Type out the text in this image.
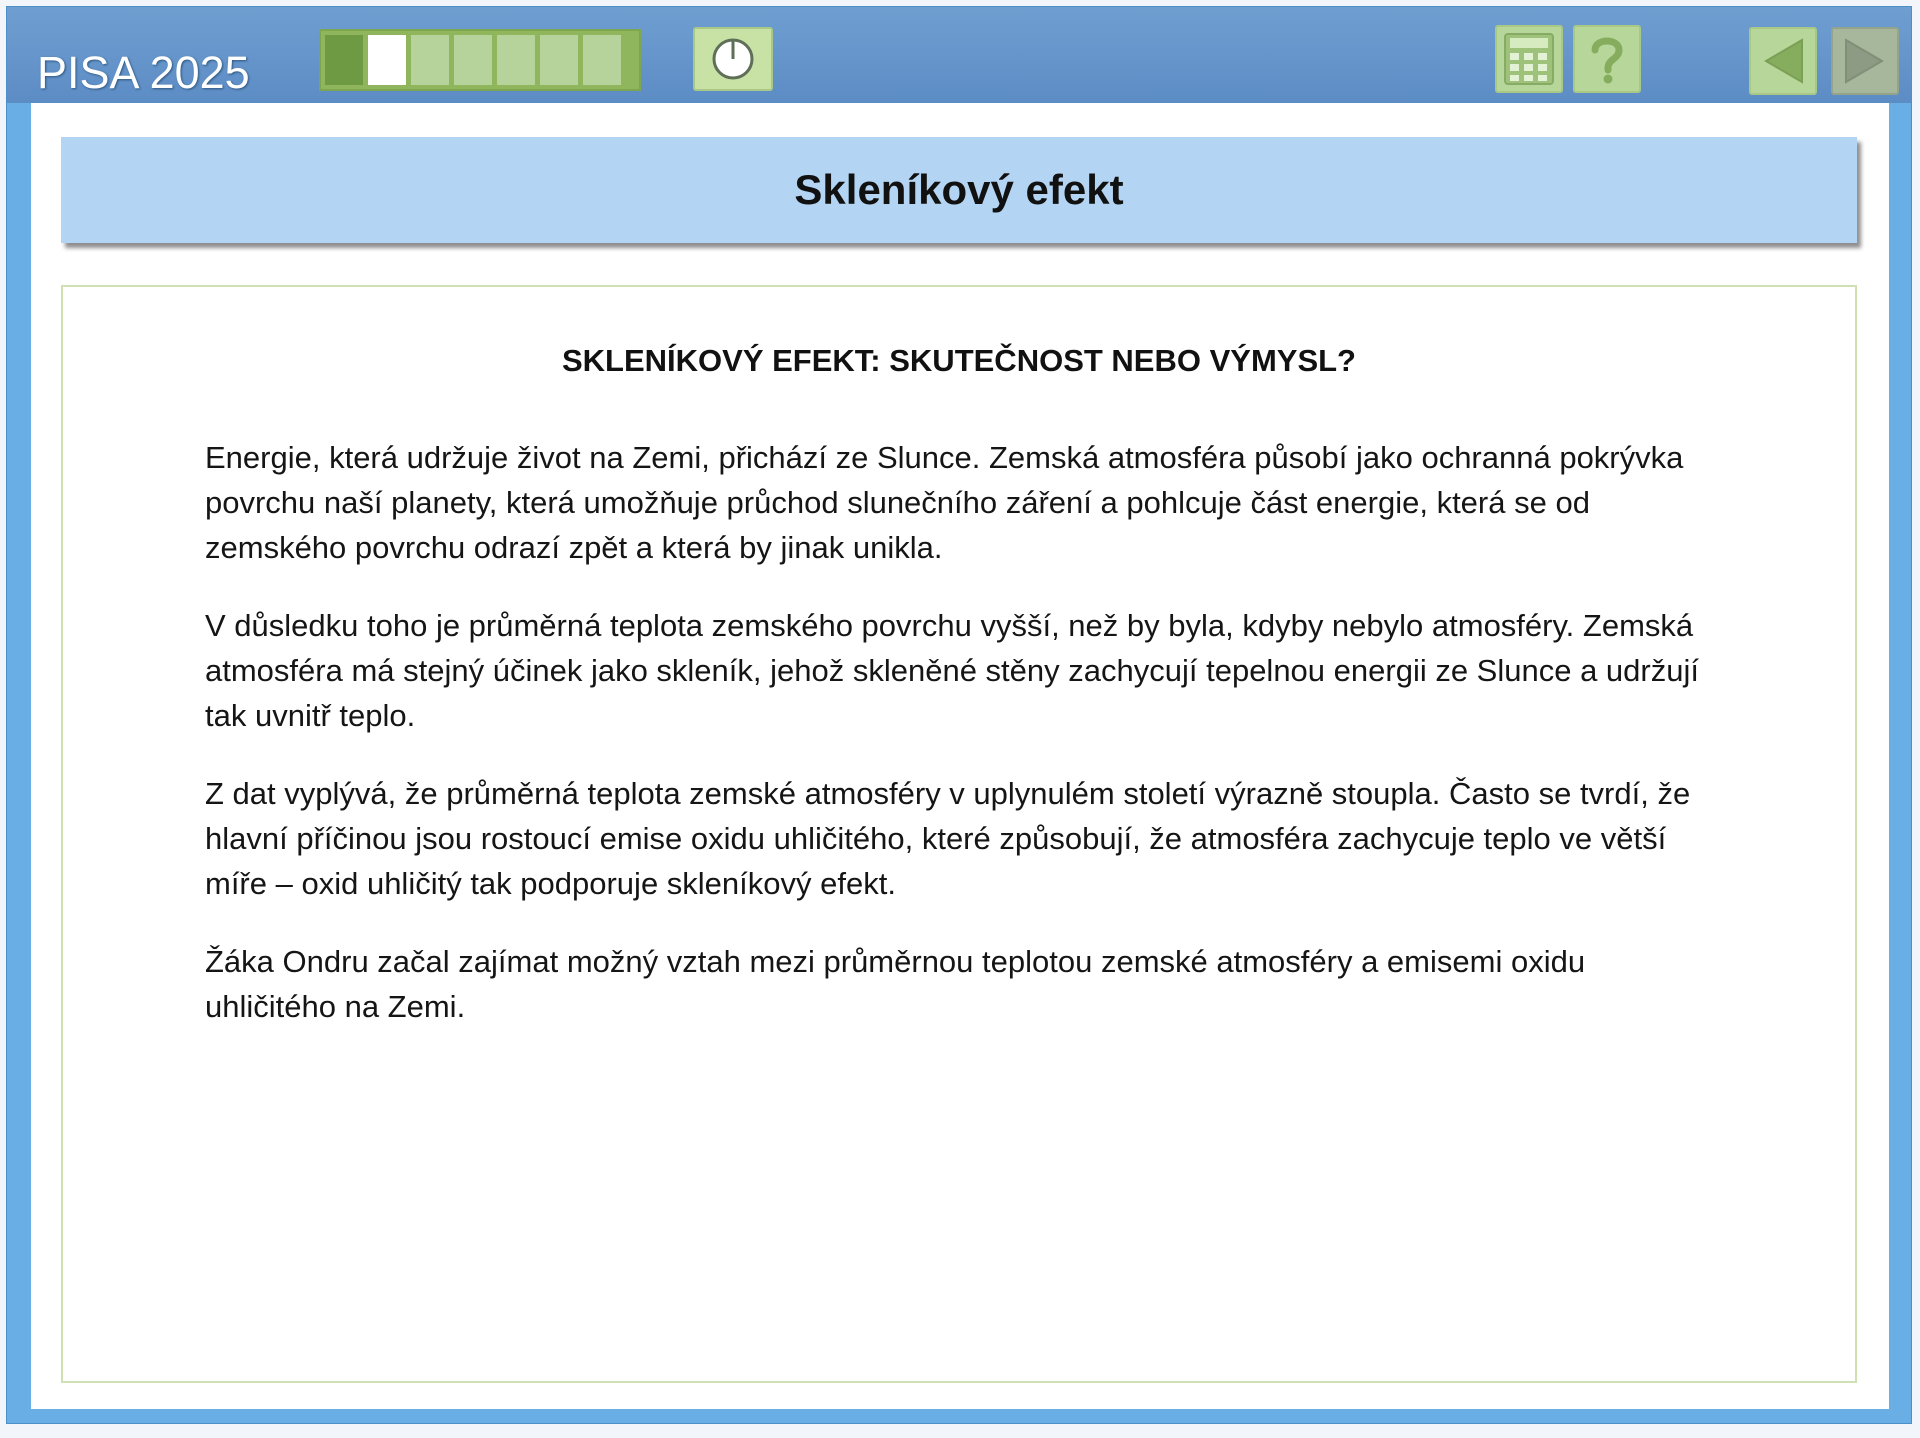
PISA 2025
Skleníkový efekt
SKLENÍKOVÝ EFEKT: SKUTEČNOST NEBO VÝMYSL?

Energie, která udržuje život na Zemi, přichází ze Slunce. Zemská atmosféra působí jako ochranná pokrývka povrchu naší planety, která umožňuje průchod slunečního záření a pohlcuje část energie, která se od zemského povrchu odrazí zpět a která by jinak unikla.

V důsledku toho je průměrná teplota zemského povrchu vyšší, než by byla, kdyby nebylo atmosféry. Zemská atmosféra má stejný účinek jako skleník, jehož skleněné stěny zachycují tepelnou energii ze Slunce a udržují tak uvnitř teplo.

Z dat vyplývá, že průměrná teplota zemské atmosféry v uplynulém století výrazně stoupla. Často se tvrdí, že hlavní příčinou jsou rostoucí emise oxidu uhličitého, které způsobují, že atmosféra zachycuje teplo ve větší míře – oxid uhličitý tak podporuje skleníkový efekt.

Žáka Ondru začal zajímat možný vztah mezi průměrnou teplotou zemské atmosféry a emisemi oxidu uhličitého na Zemi.
